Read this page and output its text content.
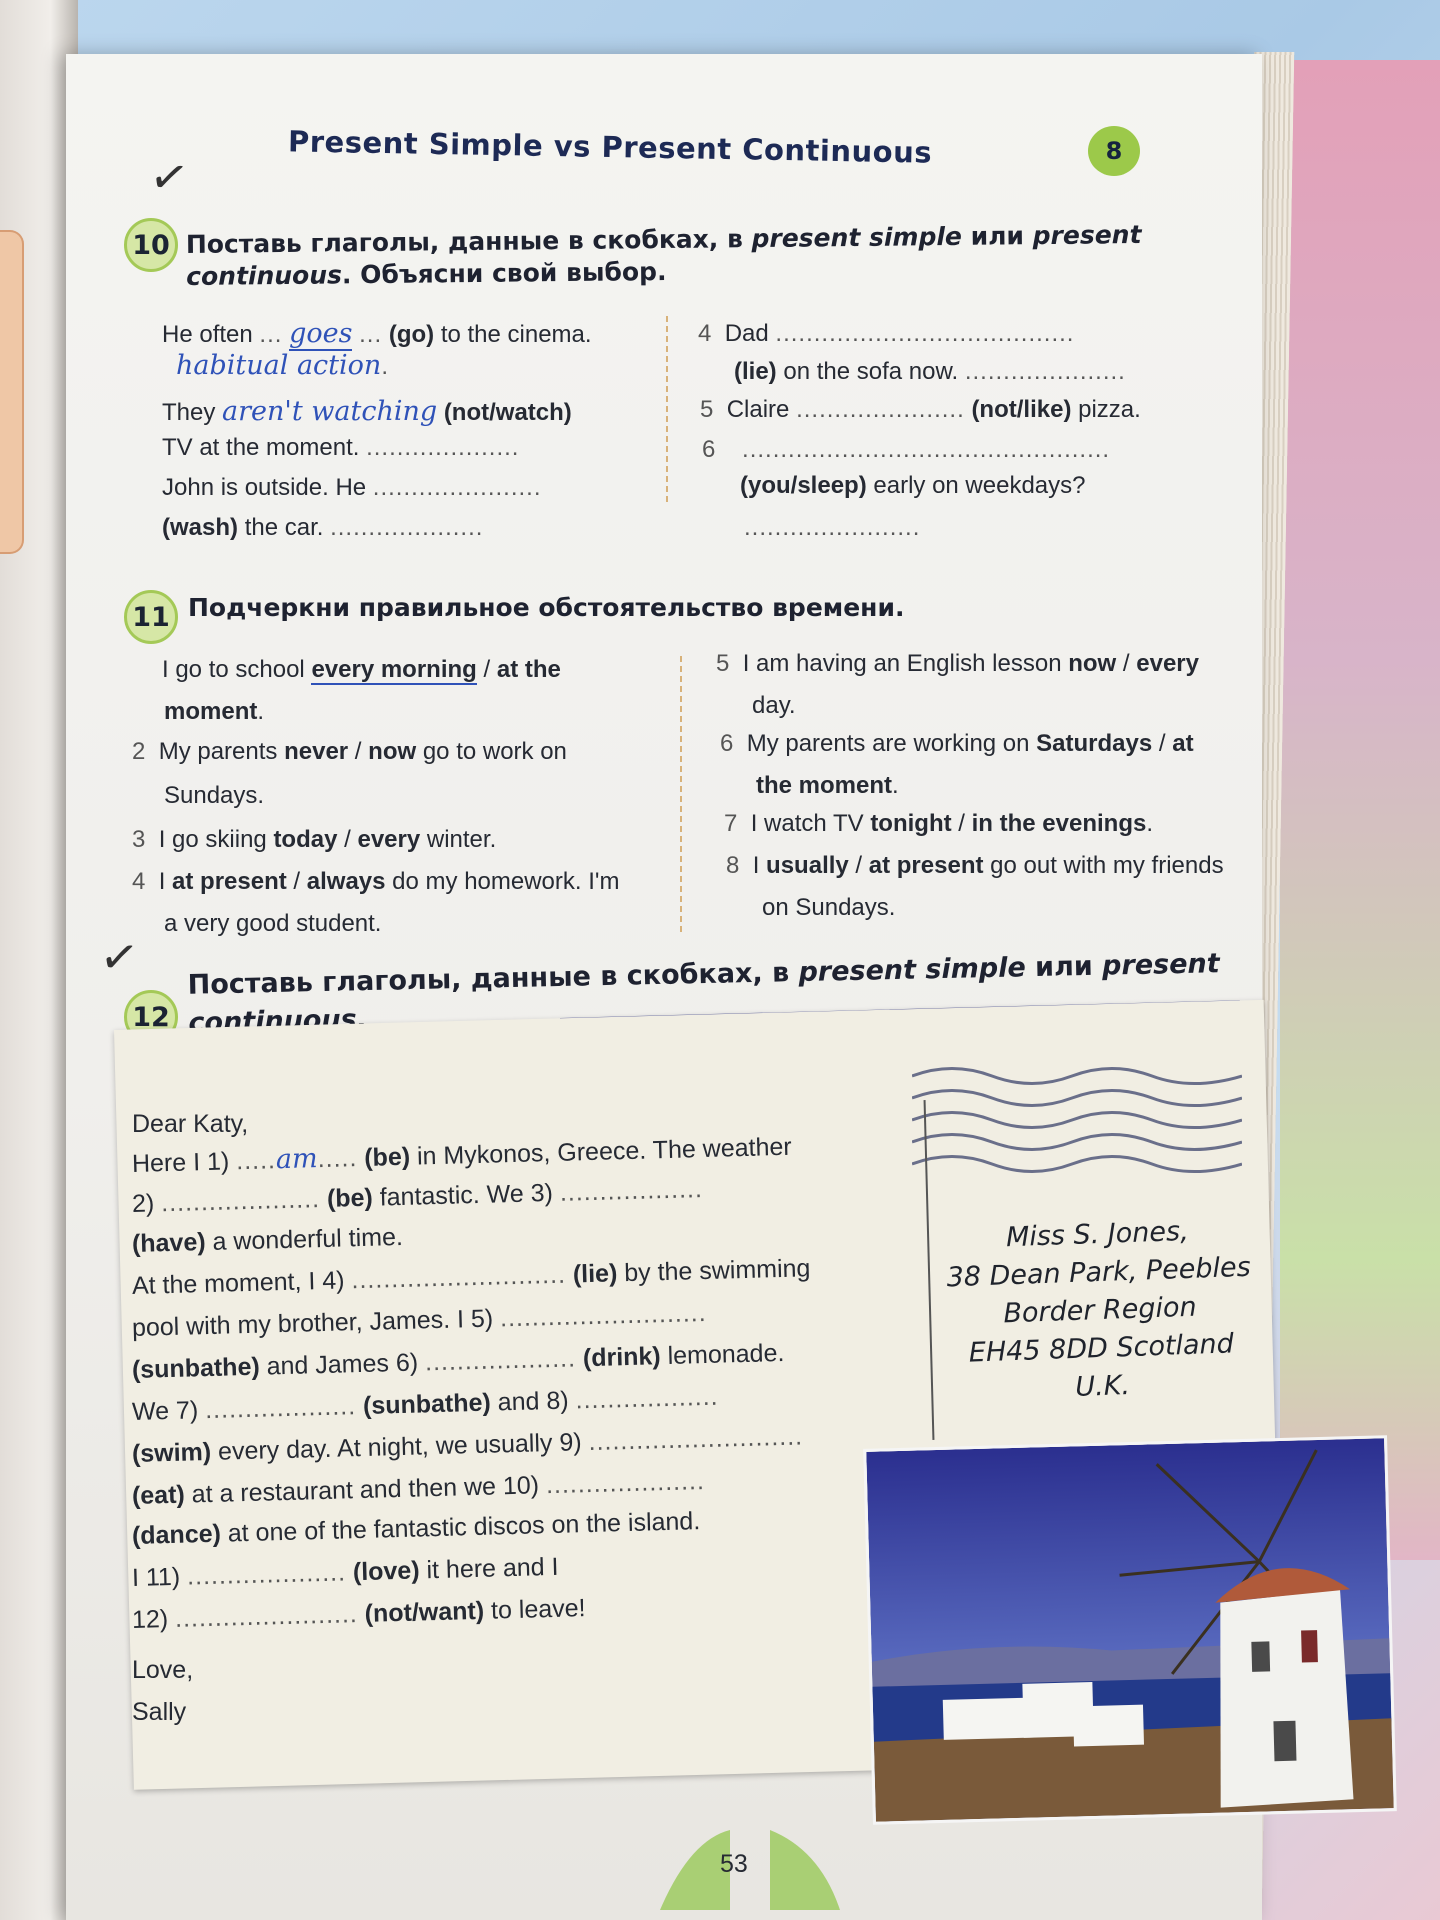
Present Simple vs Present Continuous	8
✓
10 Поставь глаголы, данные в скобках, в present simple или present
continuous. Объясни свой выбор.
He often ... goes ... (go) to the cinema.
habitual action.
They aren't watching (not/watch)
TV at the moment. ....................
John is outside. He ......................
(wash) the car. ....................
4 Dad .......................................
(lie) on the sofa now. .....................
5 Claire ...................... (not/like) pizza.
6 ................................................
(you/sleep) early on weekdays?
.......................
11 Подчеркни правильное обстоятельство времени.
I go to school every morning / at the
moment.
2 My parents never / now go to work on
Sundays.
3 I go skiing today / every winter.
4 I at present / always do my homework. I'm
a very good student.
5 I am having an English lesson now / every
day.
6 My parents are working on Saturdays / at
the moment.
7 I watch TV tonight / in the evenings.
8 I usually / at present go out with my friends
on Sundays.
✓
12
Поставь глаголы, данные в скобках, в present simple или present
continuous.
Miss S. Jones,
38 Dean Park, Peebles
Border Region
EH45 8DD Scotland
U.K.
Dear Katy,
Here I 1) .....am..... (be) in Mykonos, Greece. The weather
2) .................... (be) fantastic. We 3) ..................
(have) a wonderful time.
At the moment, I 4) ........................... (lie) by the swimming
pool with my brother, James. I 5) ..........................
(sunbathe) and James 6) ................... (drink) lemonade.
We 7) ................... (sunbathe) and 8) ..................
(swim) every day. At night, we usually 9) ...........................
(eat) at a restaurant and then we 10) ....................
(dance) at one of the fantastic discos on the island.
I 11) .................... (love) it here and I
12) ....................... (not/want) to leave!
Love,
Sally
53
